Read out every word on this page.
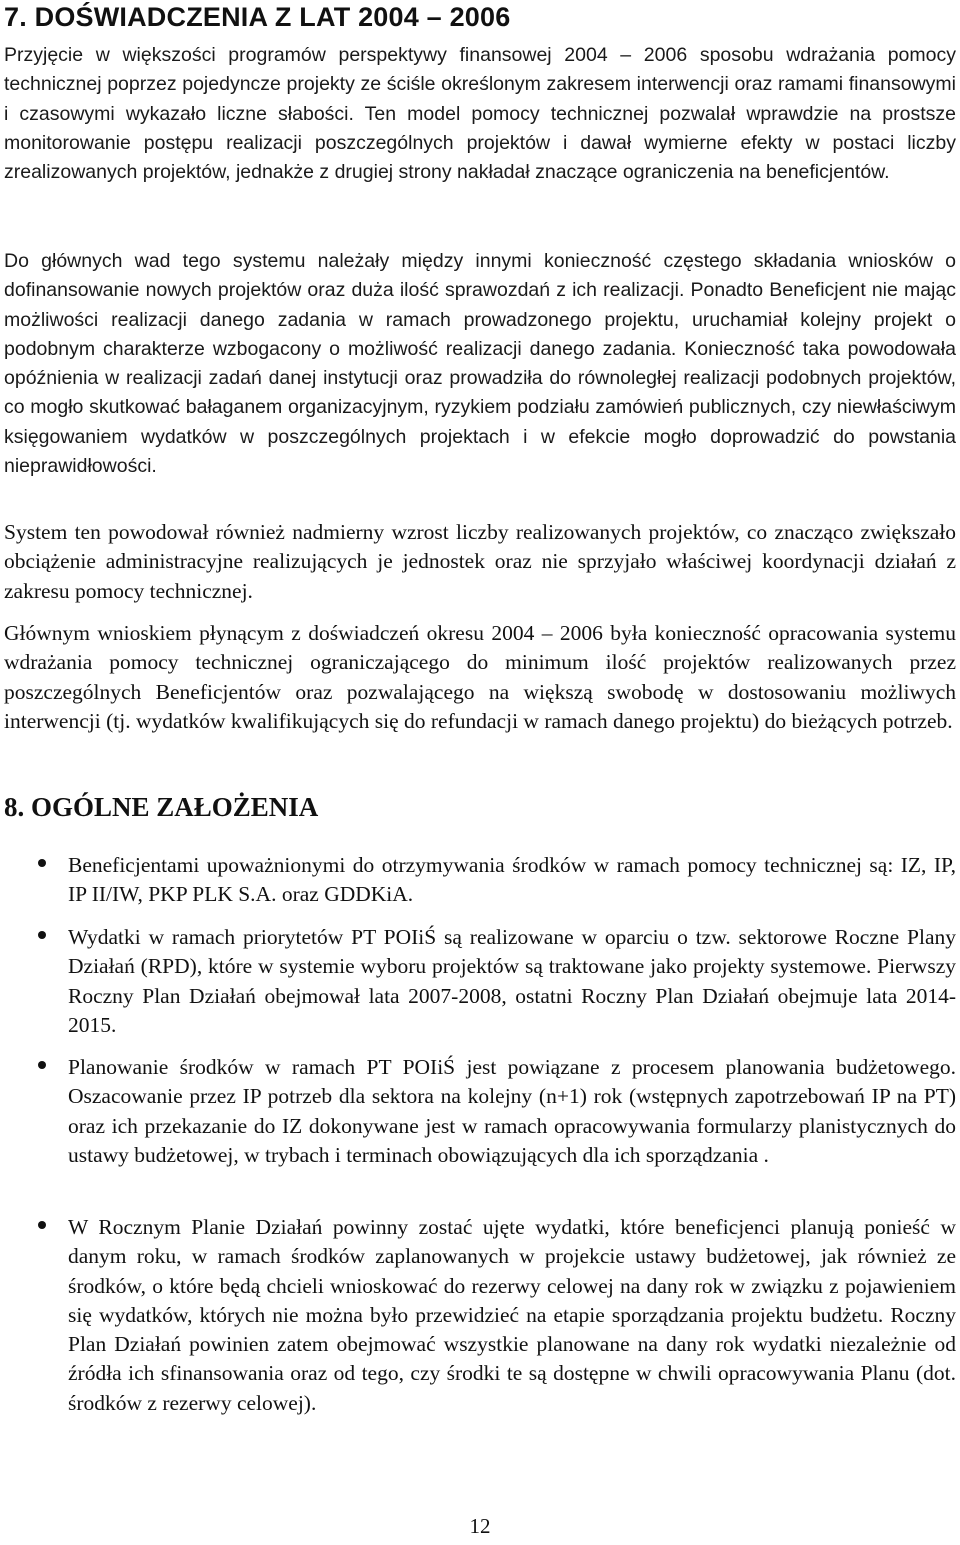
7. DOŚWIADCZENIA Z LAT 2004 – 2006

Przyjęcie w większości programów perspektywy finansowej 2004 – 2006 sposobu wdrażania pomocy technicznej poprzez pojedyncze projekty ze ściśle określonym zakresem interwencji oraz ramami finansowymi i czasowymi wykazało liczne słabości. Ten model pomocy technicznej pozwalał wprawdzie na prostsze monitorowanie postępu realizacji poszczególnych projektów i dawał wymierne efekty w postaci liczby zrealizowanych projektów, jednakże z drugiej strony nakładał znaczące ograniczenia na beneficjentów.

Do głównych wad tego systemu należały między innymi konieczność częstego składania wniosków o dofinansowanie nowych projektów oraz duża ilość sprawozdań z ich realizacji. Ponadto Beneficjent nie mając możliwości realizacji danego zadania w ramach prowadzonego projektu, uruchamiał kolejny projekt o podobnym charakterze wzbogacony o możliwość realizacji danego zadania. Konieczność taka powodowała opóźnienia w realizacji zadań danej instytucji oraz prowadziła do równoległej realizacji podobnych projektów, co mogło skutkować bałaganem organizacyjnym, ryzykiem podziału zamówień publicznych, czy niewłaściwym księgowaniem wydatków w poszczególnych projektach i w efekcie mogło doprowadzić do powstania nieprawidłowości.

System ten powodował również nadmierny wzrost liczby realizowanych projektów, co znacząco zwiększało obciążenie administracyjne realizujących je jednostek oraz nie sprzyjało właściwej koordynacji działań z zakresu pomocy technicznej.

Głównym wnioskiem płynącym z doświadczeń okresu 2004 – 2006 była konieczność opracowania systemu wdrażania pomocy technicznej ograniczającego do minimum ilość projektów realizowanych przez poszczególnych Beneficjentów oraz pozwalającego na większą swobodę w dostosowaniu możliwych interwencji (tj. wydatków kwalifikujących się do refundacji w ramach danego projektu) do bieżących potrzeb.

8. OGÓLNE ZAŁOŻENIA

Beneficjentami upoważnionymi do otrzymywania środków w ramach pomocy technicznej są: IZ, IP, IP II/IW, PKP PLK S.A. oraz GDDKiA.

Wydatki w ramach priorytetów PT POIiŚ są realizowane w oparciu o tzw. sektorowe Roczne Plany Działań (RPD), które w systemie wyboru projektów są traktowane jako projekty systemowe. Pierwszy Roczny Plan Działań obejmował lata 2007-2008, ostatni Roczny Plan Działań obejmuje lata 2014-2015.

Planowanie środków w ramach PT POIiŚ jest powiązane z procesem planowania budżetowego. Oszacowanie przez IP potrzeb dla sektora na kolejny (n+1) rok (wstępnych zapotrzebowań IP na PT) oraz ich przekazanie do IZ dokonywane jest w ramach opracowywania formularzy planistycznych do ustawy budżetowej, w trybach i terminach obowiązujących dla ich sporządzania .

W Rocznym Planie Działań powinny zostać ujęte wydatki, które beneficjenci planują ponieść w danym roku, w ramach środków zaplanowanych w projekcie ustawy budżetowej, jak również ze środków, o które będą chcieli wnioskować do rezerwy celowej na dany rok w związku z pojawieniem się wydatków, których nie można było przewidzieć na etapie sporządzania projektu budżetu. Roczny Plan Działań powinien zatem obejmować wszystkie planowane na dany rok wydatki niezależnie od źródła ich sfinansowania oraz od tego, czy środki te są dostępne w chwili opracowywania Planu (dot. środków z rezerwy celowej).

12
